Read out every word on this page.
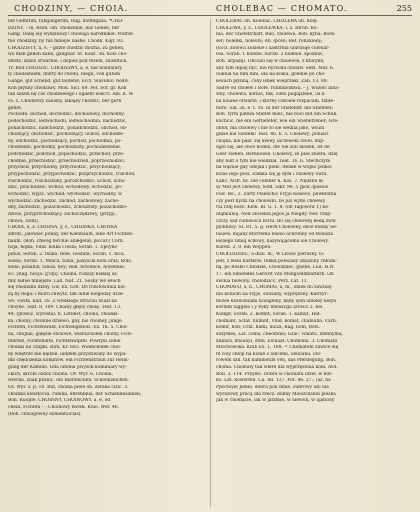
CHODZINY, — CHOIA.	CHOLEBAC — CHOMATO.	255

ble Gefhrlim, fußgängerim; Rag. hodtegliza. *CHO-

DZINY, – in, Bosh. om. chodzenie, bas Gehen, ber

Gang. Dalej się wydziwszy! chowaja narodnikół: Podrze

tuo chodziny, by tuž mniejw nashe. Chodk. Kajt. 83.

CHODZISTY, a, e, – gdzie chodzić można, zu gehen,

wo man gehen kann, gangbar. St. Kasz. 3n. Kolo cho-

dzisto, kinez otwarnie, i dopiez pod tezem, zeisstlich.

Tr. Bod CHODZIĆ, CHODZIWY, a, e, nie nondulary

ły chodzeniem, dobry do chodu, biegu, von gutem

Gange, gut schend, gut laufend; Eccl. Slavonic: hodiv.

Koń płynny chodziwy. Mon. Sicl. 69. Pet. Sor. gr. Koń

tak sidzin bę coś chodzewego i ognem wieccl. Alb. n. W.

cs. 5. Chodzewy zalosny, lakiąey chodzić, ber gern

gehet.

Pochodn. dochód, dochodzić, dochodowy, dochodny,

podochodzić, ledwochodu, ledwochodnia, nachodzić,

ponachodzić, nadchodzić, ponadchodzić, obchód, ob-

chodzący, obchodzić, pochodzący, uchód, odchodze-

ny, odchodzić, pochodzący, pochód, pochodnia, po-

chodzenie, pochodny, pochodzisty, pochodzisienie,

podchodzić, podchód, popochodzić, przechód, prze-

chodnie, przechodzić, przechodzień, poprzechodzić;

przychód, przychodny, przychodzić, przychodzący;

przypochodzić, przypochodzić, pozprzychodzić, rozchód,

rozchodzić, rozchodziny, porozchodzić; uchód, ucho-

dzić, pouchodzić; wchód, wchodowy, wchodzić, po-

wchodzić; wyjść, wychód; wychodzić, wychodny, w

wychodzić; zachodzić, zachód, zachodowy, zacho-

dny, zachodzić, pozachodzić, zchodzisty, pozachodzo-

dzicie, przyprzchodzący, zachoczędziwy, (przyp.,

chowa, żołdi).

CHOIA, ii, ż. CHOINA, y, ż., CHOINKA, CHOYKA

zdrob., jałowiec ponny, der Kienbaum, eine Art Fichten-

baum. (Boh. chwog ferchie ablegend; piccar.) Corn.

hoja, hojka, Vind. hoika i iwila; Sorab. 1. Spoyne

pinus; Sorab. 2. tsuka, feile, Gesfahl; Sorab. 1. hica,

sosna; Sorab. 1. Mnica, tolna, pazyscki koni oraz; Rofs.

xoda: ponabiz; Sinon. hoy; Boh. hovonice, hoyennie;

Ec. [Rag. hocja: g'olji]. Choina, rodzay niskiej sz;

miy ładue mniejsze. Lad. Nat. 21. Sosny we włóch

się choinami dziny. Gw. Ex. 638. Do rozstowania bio-

zą by doga: i muro chwyts, tak lubie niegoday drze-

wo. Switk. kud. 3S. Z wielkiego strachu wlazł na

choyke. Teat. 8, 109. Choiny głęby choię. Teat. 13.

44. (przecz. wyrosła). b. Lotbest, choina, choinki-

ka, choiny, choinne drzewo, gay, las choiney, junge

Fichten, Fichtenwald, Fichtengehölz. Ex. Th. 5. Choi-

na, chojnal, gałęzie choiowe, wiersichołek choiny, Fich-

tenreiß, Fichtenäfte, Fichtenwipfel. Powtyki sobie

choinki na czapki. Birk. Kr. 683. Wiemchołek choi-

ny wnętrze nie będzie, iaddem przystiwany do wypa-

dła chędożenia kominów, ein Fichtenstrauß zur Reini-

gung der Kamine. Oda ominia pwysok kominiary wy-

ckich, skrobi ozdoz choina. Ov. Wyr. 6. Choina,

wiecha, znak piwnic, ein Bierzeichen, Schenkzeichen.

Ov. Wyr. s. p. 10. But, choina piele ob, zaraka cizic. 3.

choinka kleistocza, rubina, ehrenbnia, der Schlehensamen;

Boh. Kuopfe. CHOINNY, CHOINOWY, a, e, od

chein, Fichten – ; Choinowy borek. Kluo. Wor. 46.

(Boh. chwogowny exmentiocias).

CHOLEBAC ob. Kolebać. CHOLEBA ob. Kolę.

CHOLEWA, y, ż., CHOLEWKA, i, ż. zdrob. Ko-

nia, der Stiefelfchaft, Bilo, cholewa, Boh. kyba; Bolw.

ser; holenki, holeufs; Ab. lpčeli; Ref. ronaxawą;

(Eccl. xolowa xoxlebe i xasttrma ubirusqe colonar-

rea. Sorab. 1 holene, Sorab. 2 holenie. spodnie;

Boh. arpadą). Obcoali się w cholewie, z którymi,

aby tym lepiej być, nie hyrwała cholaw. Sekl. Mar. 6.

Suknia na nim mni, ida na kolka, gołenie po cho-

lewach płynną, coby ishek wieprzaki. Zab. 13. 89.

Sadre od cholew i Bofe, runnnnomwa. – J. Wszelc abla-

wny, cholewa, aotnia, Bik, ciebi pogiązlene, 3a k

na kolane otwarte, i którey cokolek rozpacam, tabfe-

hure. Sał. 3a. e. t. 16. in der Stiefelfdr, die Stiefelet;

Boh. tyrm pateza Stiefet mieć, nie buci mit ein Schub,

kuchcić, nie ein Geftiefeter, wie ein Stiefeltreber; Gre-

obfol, ma cholewy i nie to sie wedlia jako, wsuni

gdzie nie Siedem! Teat. 46, 6. 5. Cholewy; pobiaci

chojka, nie palić się kiwey, laczewski Stoel, dup-

ugol się, ale choe hoden, die Sie zoll moden, ist de

Geer ziehen. Bernhowie. Cholewy, że plas zbiera, dzię

aby nikt o tym nie wiedział. Teat. 16, 6. Stechczym

na wąsuie gay odejan i pedo, ltenke w wujko pomoi

kolas iego pośi, Zamka się ję dym i cholewy owni,

Łańc. Ardr. Iw. Die comber h. Kos. 7. Nędzne lę-

śy Mid jest cholewy, Sołd. Sikr. 98. 5 [pod 3poesis

Fior. Bo., 2. Zarty Pisenchic Fryju nosiece, pewkbitna

czy jiest hydzi na cholewki, bo już wymi cholewy

Na rzhj boso. Klon. Bl. G. 1. 8. (ob Tagowow 1) be-

ofąmiunoj. Nod obciekla jegos ja Niegdy. Ner. rzep-

czczy osd cuduwoca hcitu. Bo się chołowej bedą zwsl

pyddliwy. St. 81, 5. g. Hevk Cholewey, dece kleiny Se-

fasiew, mijaby którremu mieso ochronny od Bolusza

lesnego timiq scdowy, nazywającemu sie Cholewy.

Kuren. 3, 9. ein Woppen.

CHOŁODZIEC, a dlzu. m., W Litwie pierwiny, to

jest, z lesni baztkow, rekkd potezaey zmazony chłoda-

ną, po Rośko Chłodzie, Cholodziec, gnene, Lud. H.N.

17. ein lubiendes Gericht von Mengolddblättern. Ob

swinia bolwiny, cholodzicc, Perz. Łat. 11.

CHOMATO, a, n., CHOMAT, a, m., oblék do zawinię-

nia koniom na szyje, sliwiany, wyprężony, Kierzyr-

mowe lizewaniami Kolagleny, baby iyen obloley kelyn

korlum taggelo i y bylly mleazcgu Izrosci 2, bei

Kumpf; Sorab. 2. komnt; Sorab. 1. kamut, Hat.

chomant, Sclav. humint, Vind. komat, chamuba, Carn.

komit, hon; Crat. hami, moza, Rag. hom, Rofs.

xoxymes; Lat. coma, cheomma; Grac. vonatu, xmnnyma;

xnnnra, mwanyi, stmi, Ewnaat. Chomona. 3. Chomata

Mlochowska. Klub Ex. 1, 188. = Chomatem zawice się

te coly chlop na konie z lokcemi, obloianu, oto-

rowem szll. tak kummetim ven, das Pferdegung. Boh.

choma. Chomaty tak wlere dla wyprzężenia koni. Ard.

Boll. 3, 114. Przyels. Dobra w chomatu idzie, w kut-

ko, Lat. kowerfen. Ca. Ad. 137. Pot. 48. 27.; (aż, na

Ppochiyie Jiebie, dobra pon mnie, żubrowy ubi nie

wyrazowy pracą dla rzecz. dobny Mieszczanin pleśka

Jak w chomącie, iak w jarzmie, w niewoli, w ujationy
